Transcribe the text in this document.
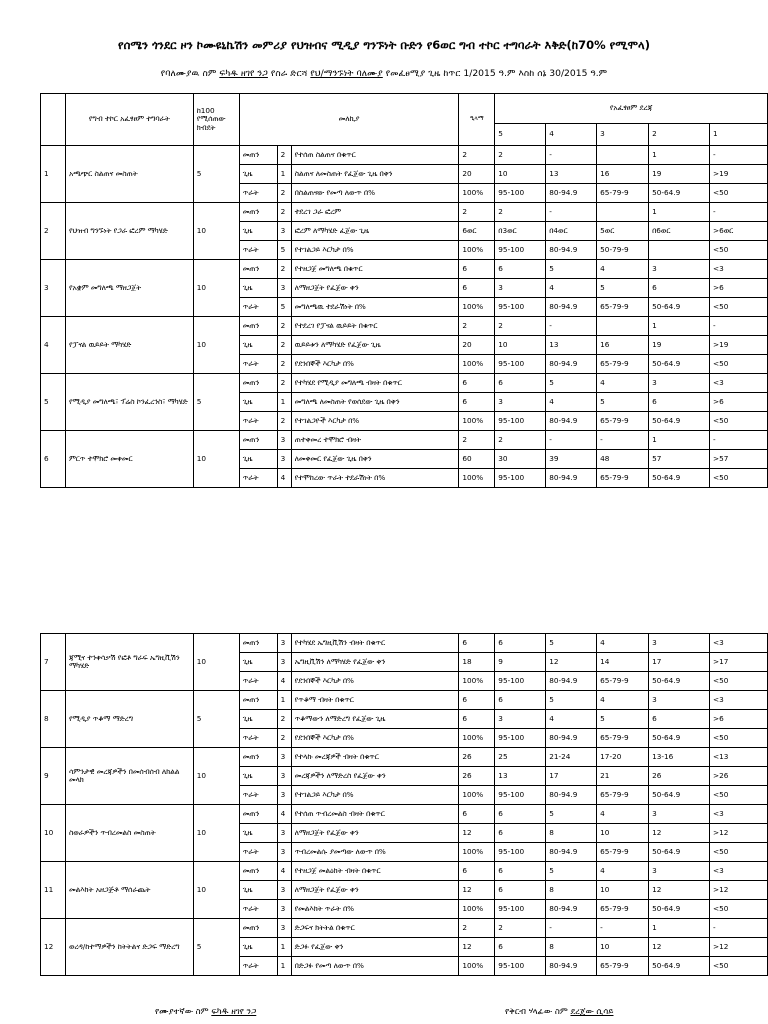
የሰሜን ጎንደር ዞን ኮሙዩኒኬሽን መምሪያ የህዝብና ሚዲያ ግንኙነት ቡድን የ6ወር ግብ ተኮር ተግባራት እቅድ(ከ70% የሚሞላ)
የባለሙያዉ ስም ፍካዱ ዘገየ ንጋ የስራ ድርሻ የህ/ማንኙነት ባለሙያ የመፈፀሚያ ጊዜ ከጥር 1/2015 ዓ.ም እስከ ሰኔ 30/2015 ዓ.ም
	የግብ ተኮር አፈፃፀም ተግባራት	ከ100 የሚሰጠው ክብደት	መለኪያ			ዒላማ	የአፈፃፀም ደረጃ				
							5	4	3	2	1
1	አጫጭር ስልጠና መስጠት	5	መጠን	2	የተሰጠ ስልጠና በቁጥር	2	2	-		1	-
			ጊዜ	1	ስልጠና ለመስጠት የፈጀው ጊዜ በቀን	20	10	13	16	19	>19
			ጥራት	2	በስልጠናው የመጣ ለውጥ በ%	100%	95-100	80-94.9	65-79-9	50-64.9	<50
2	የህዝብ ግንኙነት የጋራ ፎረም ማካሄድ	10	መጠን	2	ተደረገ ጋራ ፎረም	2	2	-		1	-
			ጊዜ	3	ፎረም ለማካሄድ ፈጀው ጊዜ	6ወር	በ3ወር	በ4ወር	5ወር	በ6ወር	>6ወር
			ጥራት	5	የተገልጋይ እርካታ በ%	100%	95-100	80-94.9	50-79-9		<50
3	የአቋም መግለጫ ማዘጋጀት	10	መጠን	2	የተዘጋጀ መግለጫ በቁጥር	6	6	5	4	3	<3
			ጊዜ	3	ለማዘጋጀት የፈጀው ቀን	6	3	4	5	6	>6
			ጥራት	5	መግለጫዉ ተደራሽነት በ%	100%	95-100	80-94.9	65-79-9	50-64.9	<50
4	የፓናል ዉይይት ማካሄድ	10	መጠን	2	የተደረገ የፓናል ዉይይት በቁጥር	2	2	-		1	-
			ጊዜ	2	ዉይይቱን ለማካሄድ የፈጀው ጊዜ	20	10	13	16	19	>19
			ጥራት	2	የደንበኞች እርካታ በ%	100%	95-100	80-94.9	65-79-9	50-64.9	<50
5	የሚዲያ መግለጫ፣ ፕሬስ ኮንፈረንስ፣ ማካሄድ	5	መጠን	2	የተካሄደ የሚዲያ መግለጫ ብዛት በቁጥር	6	6	5	4	3	<3
			ጊዜ	1	መግለጫ ለመስጠት የወሰደው ጊዜ በቀን	6	3	4	5	6	>6
			ጥራት	2	የተገልጋዮች እርካታ በ%	100%	95-100	80-94.9	65-79-9	50-64.9	<50
6	ምርጥ ተሞክሮ መቀመር	10	መጠን	3	ጠተቀመረ ተሞክሮ ብዛት	2	2	-	-	1	-
			ጊዜ	3	ለመቀመር የፈጀው ጊዜ በቀን	60	30	39	48	57	>57
			ጥራት	4	የተሞከረው ጥራት ተደራሽነት በ%	100%	95-100	80-94.9	65-79-9	50-64.9	<50
7	ጃሚና ተንቀሳቃሽ የፎቶ ግራፍ ኤግዚቪሽን ማካሄድ	10	መጠን	3	የተካሄደ ኤግዚቪሽን ብዛት በቁጥር	6	6	5	4	3	<3
			ጊዜ	3	ኤግዚቪሽን ለማካሄድ የፈጀው ቀን	18	9	12	14	17	>17
			ጥራት	4	የደንበኞች እርካታ በ%	100%	95-100	80-94.9	65-79-9	50-64.9	<50
8	የሚዲያ ጥቆማ ማድረግ	5	መጠን	1	የጥቆማ ብዛት በቁጥር	6	6	5	4	3	<3
			ጊዜ	2	ጥቆማውን ለማድረግ የፈጀው ጊዜ	6	3	4	5	6	>6
			ጥራት	2	የደንበኞች እርካታ በ%	100%	95-100	80-94.9	65-79-9	50-64.9	<50
9	ሳምንታዊ መረጃዎችን በመሰብሰብ ለክልል መላክ	10	መጠን	3	የተላኩ መረጃዎች ብዛት በቁጥር	26	25	21-24	17-20	13-16	<13
			ጊዜ	3	መረጃዎችን ለማድረስ የፈጀው ቀን	26	13	17	21	26	>26
			ጥራት	3	የተገልጋይ እርካታ በ%	100%	95-100	80-94.9	65-79-9	50-64.9	<50
10	ስወራዎችን ጥብረመልስ መስጠት	10	መጠን	4	የተሰጠ ጥብረመልስ ብዛት በቁጥር	6	6	5	4	3	<3
			ጊዜ	3	ለማዘጋጀት የፈጀው ቀን	12	6	8	10	12	>12
			ጥራት	3	ጥብረመልሱ ያመጣው ለውጥ በ%	100%	95-100	80-94.9	65-79-9	50-64.9	<50
11	መልእክት አዘጋጅቶ ማሰራጨት	10	መጠን	4	የተዘጋጀ መልዕክት ብዛት በቁጥር	6	6	5	4	3	<3
			ጊዜ	3	ለማዘጋጀት የፈጀው ቀን	12	6	8	10	12	>12
			ጥራት	3	የመልእክት ጥራት በ%	100%	95-100	80-94.9	65-79-9	50-64.9	<50
12	ወረዳ/ከተማዎችን ከትትልና ድጋፍ ማድረግ	5	መጠን	3	ድጋፍና ክትትል በቁጥር	2	2	-	-	1	-
			ጊዜ	1	ድጋፉ የፈጀው ቀን	12	6	8	10	12	>12
			ጥራት	1	በድጋፉ የመጣ ለውጥ በ%	100%	95-100	80-94.9	65-79-9	50-64.9	<50
የሙያተኛው ስም ፍካዱ ዘገየ ንጋ	የቅርብ ሃላፊው ስም ደረጀው ሲሳይ
